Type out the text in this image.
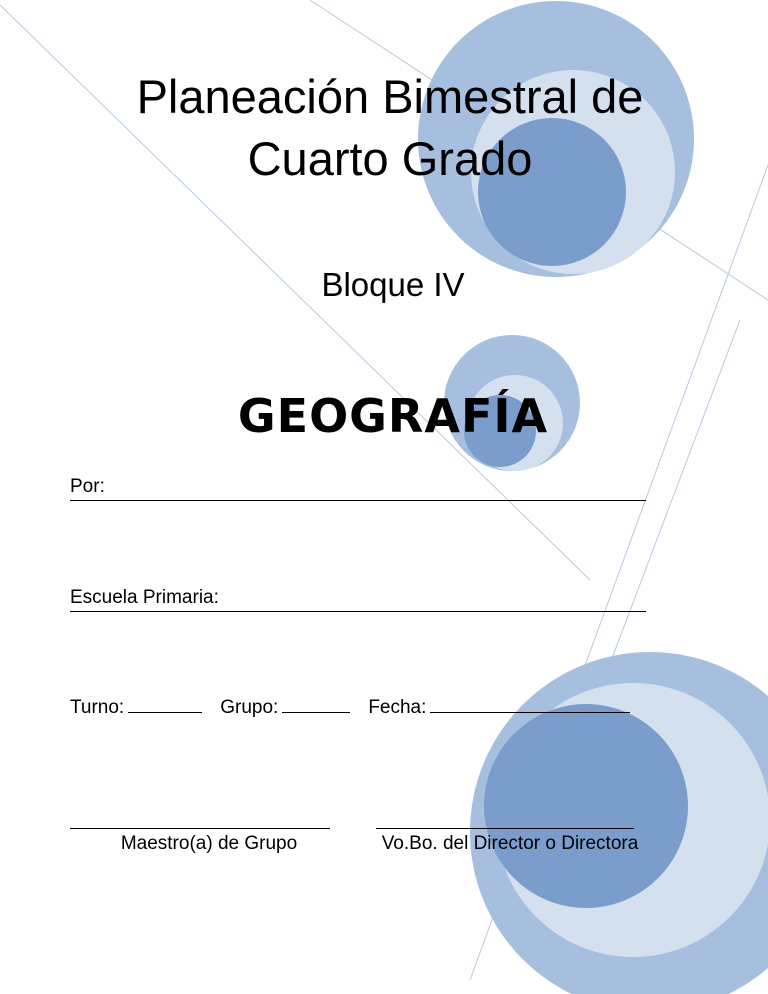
Planeación Bimestral de
Cuarto Grado
Bloque IV
GEOGRAFÍA

Por:

Escuela Primaria:

Turno:	Grupo:	Fecha:

Maestro(a) de Grupo	Vo.Bo. del Director o Directora
